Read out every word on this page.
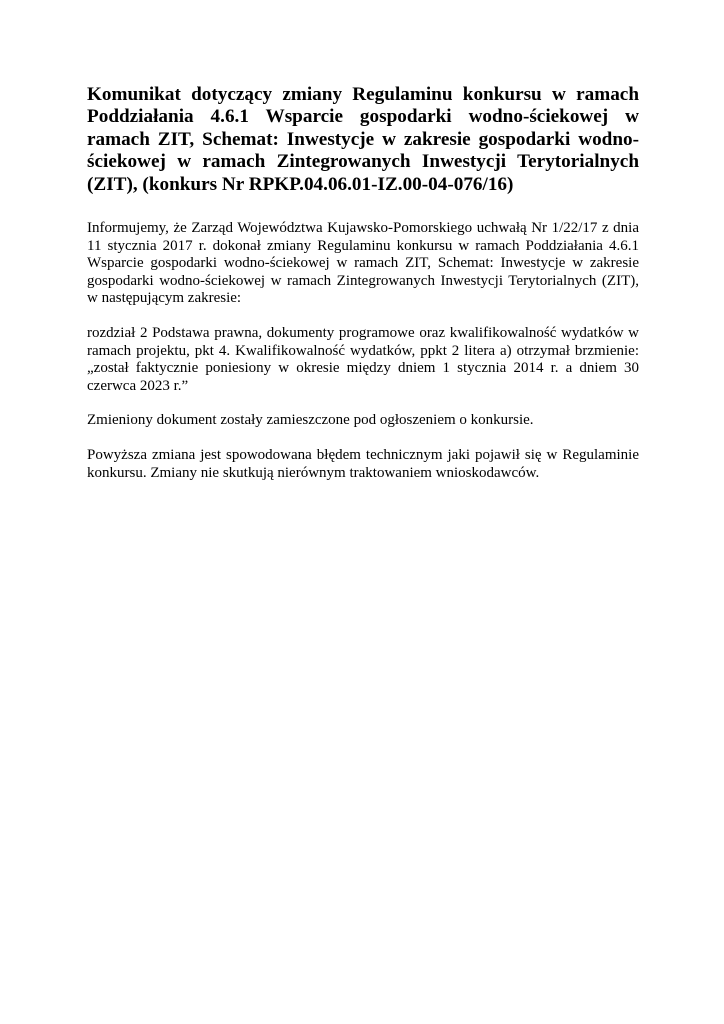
Komunikat dotyczący zmiany Regulaminu konkursu w ramach Poddziałania 4.6.1 Wsparcie gospodarki wodno-ściekowej w ramach ZIT, Schemat: Inwestycje w zakresie gospodarki wodno-ściekowej w ramach Zintegrowanych Inwestycji Terytorialnych (ZIT), (konkurs Nr RPKP.04.06.01-IZ.00-04-076/16)

Informujemy, że Zarząd Województwa Kujawsko-Pomorskiego uchwałą Nr 1/22/17 z dnia 11 stycznia 2017 r. dokonał zmiany Regulaminu konkursu w ramach Poddziałania 4.6.1 Wsparcie gospodarki wodno-ściekowej w ramach ZIT, Schemat: Inwestycje w zakresie gospodarki wodno-ściekowej w ramach Zintegrowanych Inwestycji Terytorialnych (ZIT), w następującym zakresie:

rozdział 2 Podstawa prawna, dokumenty programowe oraz kwalifikowalność wydatków w ramach projektu, pkt 4. Kwalifikowalność wydatków, ppkt 2 litera a) otrzymał brzmienie: „został faktycznie poniesiony w okresie między dniem 1 stycznia 2014 r. a dniem 30 czerwca 2023 r.”

Zmieniony dokument zostały zamieszczone pod ogłoszeniem o konkursie.

Powyższa zmiana jest spowodowana błędem technicznym jaki pojawił się w Regulaminie konkursu. Zmiany nie skutkują nierównym traktowaniem wnioskodawców.
